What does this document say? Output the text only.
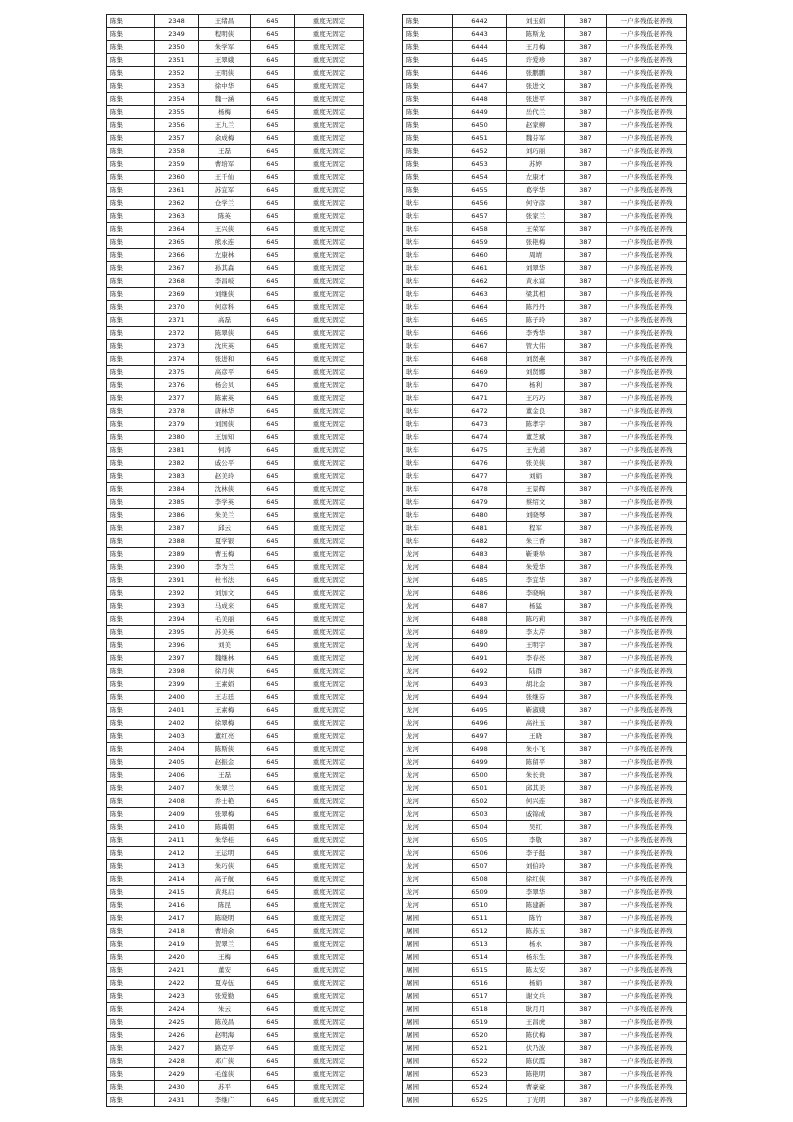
陈集	2348	王绪昌	645	重度无固定
陈集	2349	程明侠	645	重度无固定
陈集	2350	朱学军	645	重度无固定
陈集	2351	王翠娥	645	重度无固定
陈集	2352	王明侠	645	重度无固定
陈集	2353	徐中华	645	重度无固定
陈集	2354	魏一涵	645	重度无固定
陈集	2355	杨梅	645	重度无固定
陈集	2356	王九兰	645	重度无固定
陈集	2357	余成梅	645	重度无固定
陈集	2358	王磊	645	重度无固定
陈集	2359	曹培军	645	重度无固定
陈集	2360	王千仙	645	重度无固定
陈集	2361	苏宜军	645	重度无固定
陈集	2362	仓学兰	645	重度无固定
陈集	2363	陈英	645	重度无固定
陈集	2364	王兴侠	645	重度无固定
陈集	2365	熊永连	645	重度无固定
陈集	2366	左康林	645	重度无固定
陈集	2367	孙其森	645	重度无固定
陈集	2368	李昌岐	645	重度无固定
陈集	2369	刘继侠	645	重度无固定
陈集	2370	何彦科	645	重度无固定
陈集	2371	高磊	645	重度无固定
陈集	2372	陈翠侠	645	重度无固定
陈集	2373	沈庆英	645	重度无固定
陈集	2374	张进和	645	重度无固定
陈集	2375	高彦平	645	重度无固定
陈集	2376	杨会贝	645	重度无固定
陈集	2377	陈素英	645	重度无固定
陈集	2378	唐林华	645	重度无固定
陈集	2379	刘国侠	645	重度无固定
陈集	2380	王加知	645	重度无固定
陈集	2381	何涛	645	重度无固定
陈集	2382	戚公平	645	重度无固定
陈集	2383	赵美玲	645	重度无固定
陈集	2384	沈林侠	645	重度无固定
陈集	2385	李学英	645	重度无固定
陈集	2386	朱美兰	645	重度无固定
陈集	2387	邱云	645	重度无固定
陈集	2388	夏学银	645	重度无固定
陈集	2389	曹玉梅	645	重度无固定
陈集	2390	李为兰	645	重度无固定
陈集	2391	杜书法	645	重度无固定
陈集	2392	刘加文	645	重度无固定
陈集	2393	马成来	645	重度无固定
陈集	2394	毛美丽	645	重度无固定
陈集	2395	苏美英	645	重度无固定
陈集	2396	刘美	645	重度无固定
陈集	2397	魏继林	645	重度无固定
陈集	2398	徐月侠	645	重度无固定
陈集	2399	王素娟	645	重度无固定
陈集	2400	王志廷	645	重度无固定
陈集	2401	王素梅	645	重度无固定
陈集	2402	徐翠梅	645	重度无固定
陈集	2403	董红亮	645	重度无固定
陈集	2404	陈斯侠	645	重度无固定
陈集	2405	赵振金	645	重度无固定
陈集	2406	王磊	645	重度无固定
陈集	2407	朱翠兰	645	重度无固定
陈集	2408	乔士艳	645	重度无固定
陈集	2409	张翠梅	645	重度无固定
陈集	2410	陈禹朝	645	重度无固定
陈集	2411	朱华桂	645	重度无固定
陈集	2412	王运明	645	重度无固定
陈集	2413	朱巧侠	645	重度无固定
陈集	2414	高子航	645	重度无固定
陈集	2415	黄兆启	645	重度无固定
陈集	2416	陈昆	645	重度无固定
陈集	2417	陈晓明	645	重度无固定
陈集	2418	曹培余	645	重度无固定
陈集	2419	贺翠兰	645	重度无固定
陈集	2420	王梅	645	重度无固定
陈集	2421	董安	645	重度无固定
陈集	2422	夏寿伍	645	重度无固定
陈集	2423	张爱勤	645	重度无固定
陈集	2424	朱云	645	重度无固定
陈集	2425	陈茂昌	645	重度无固定
陈集	2426	赵明海	645	重度无固定
陈集	2427	路克平	645	重度无固定
陈集	2428	邓广侠	645	重度无固定
陈集	2429	毛莲侠	645	重度无固定
陈集	2430	苏平	645	重度无固定
陈集	2431	李继广	645	重度无固定
陈集	6442	刘玉娟	387	一户多残低老养残
陈集	6443	陈斯龙	387	一户多残低老养残
陈集	6444	王月梅	387	一户多残低老养残
陈集	6445	许爱珍	387	一户多残低老养残
陈集	6446	张鹏鹏	387	一户多残低老养残
陈集	6447	张进文	387	一户多残低老养残
陈集	6448	张进平	387	一户多残低老养残
陈集	6449	岳代兰	387	一户多残低老养残
陈集	6450	赵家柳	387	一户多残低老养残
陈集	6451	魏芬军	387	一户多残低老养残
陈集	6452	刘巧丽	387	一户多残低老养残
陈集	6453	苏婷	387	一户多残低老养残
陈集	6454	左康才	387	一户多残低老养残
陈集	6455	葛学华	387	一户多残低老养残
耿车	6456	何守彦	387	一户多残低老养残
耿车	6457	张家兰	387	一户多残低老养残
耿车	6458	王荣军	387	一户多残低老养残
耿车	6459	张艳梅	387	一户多残低老养残
耿车	6460	周靖	387	一户多残低老养残
耿车	6461	刘翠华	387	一户多残低老养残
耿车	6462	黄永富	387	一户多残低老养残
耿车	6463	梁其相	387	一户多残低老养残
耿车	6464	陈丹丹	387	一户多残低老养残
耿车	6465	陈子玲	387	一户多残低老养残
耿车	6466	李秀华	387	一户多残低老养残
耿车	6467	管大伟	387	一户多残低老养残
耿车	6468	刘贤燕	387	一户多残低老养残
耿车	6469	刘贤娜	387	一户多残低老养残
耿车	6470	杨利	387	一户多残低老养残
耿车	6471	王巧巧	387	一户多残低老养残
耿车	6472	董金良	387	一户多残低老养残
耿车	6473	陈孝宇	387	一户多残低老养残
耿车	6474	董芝斌	387	一户多残低老养残
耿车	6475	王先道	387	一户多残低老养残
耿车	6476	张美侠	387	一户多残低老养残
耿车	6477	刘娟	387	一户多残低老养残
耿车	6478	王景辉	387	一户多残低老养残
耿车	6479	蔡绍文	387	一户多残低老养残
耿车	6480	刘晓琴	387	一户多残低老养残
耿车	6481	程军	387	一户多残低老养残
耿车	6482	朱三香	387	一户多残低老养残
龙河	6483	靳秉举	387	一户多残低老养残
龙河	6484	朱爱华	387	一户多残低老养残
龙河	6485	李宜华	387	一户多残低老养残
龙河	6486	李晓响	387	一户多残低老养残
龙河	6487	杨猛	387	一户多残低老养残
龙河	6488	陈巧莉	387	一户多残低老养残
龙河	6489	李太芹	387	一户多残低老养残
龙河	6490	王明宇	387	一户多残低老养残
龙河	6491	李春亮	387	一户多残低老养残
龙河	6492	陆群	387	一户多残低老养残
龙河	6493	胡北金	387	一户多残低老养残
龙河	6494	张继芬	387	一户多残低老养残
龙河	6495	靳淑娥	387	一户多残低老养残
龙河	6496	高社玉	387	一户多残低老养残
龙河	6497	王晓	387	一户多残低老养残
龙河	6498	朱小飞	387	一户多残低老养残
龙河	6499	陈留平	387	一户多残低老养残
龙河	6500	朱长贵	387	一户多残低老养残
龙河	6501	邱其美	387	一户多残低老养残
龙河	6502	何兴连	387	一户多残低老养残
龙河	6503	戚锦成	387	一户多残低老养残
龙河	6504	吴红	387	一户多残低老养残
龙河	6505	李敬	387	一户多残低老养残
龙河	6506	李子挺	387	一户多残低老养残
龙河	6507	刘伯玲	387	一户多残低老养残
龙河	6508	徐红侠	387	一户多残低老养残
龙河	6509	李翠华	387	一户多残低老养残
龙河	6510	陈建新	387	一户多残低老养残
屠园	6511	陈竹	387	一户多残低老养残
屠园	6512	陈苏玉	387	一户多残低老养残
屠园	6513	杨永	387	一户多残低老养残
屠园	6514	杨东生	387	一户多残低老养残
屠园	6515	陈太安	387	一户多残低老养残
屠园	6516	杨娟	387	一户多残低老养残
屠园	6517	谢文兵	387	一户多残低老养残
屠园	6518	耿月月	387	一户多残低老养残
屠园	6519	王昌虎	387	一户多残低老养残
屠园	6520	陈伏梅	387	一户多残低老养残
屠园	6521	伏乃波	387	一户多残低老养残
屠园	6522	陈伏霞	387	一户多残低老养残
屠园	6523	陈艳明	387	一户多残低老养残
屠园	6524	曹豪豪	387	一户多残低老养残
屠园	6525	丁光明	387	一户多残低老养残
